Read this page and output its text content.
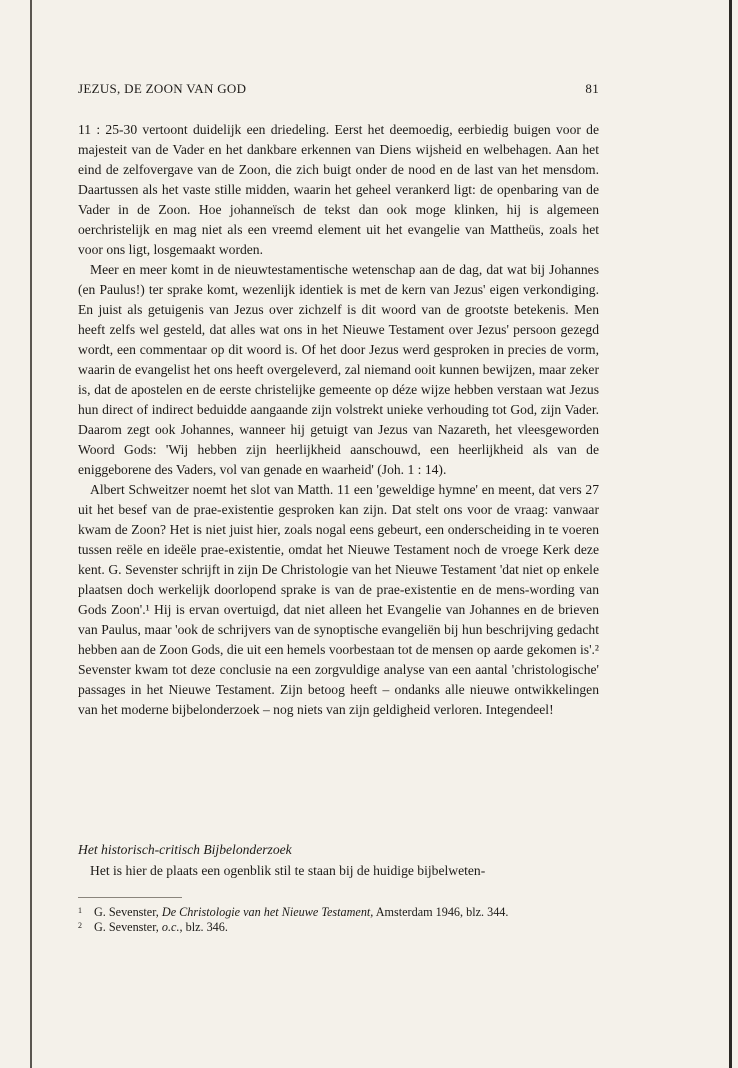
JEZUS, DE ZOON VAN GOD	81

11 : 25-30 vertoont duidelijk een driedeling. Eerst het deemoedig, eerbiedig buigen voor de majesteit van de Vader en het dankbare erkennen van Diens wijsheid en welbehagen. Aan het eind de zelfovergave van de Zoon, die zich buigt onder de nood en de last van het mensdom. Daartussen als het vaste stille midden, waarin het geheel verankerd ligt: de openbaring van de Vader in de Zoon. Hoe johanneïsch de tekst dan ook moge klinken, hij is algemeen oerchristelijk en mag niet als een vreemd element uit het evangelie van Mattheüs, zoals het voor ons ligt, losgemaakt worden.

Meer en meer komt in de nieuwtestamentische wetenschap aan de dag, dat wat bij Johannes (en Paulus!) ter sprake komt, wezenlijk identiek is met de kern van Jezus' eigen verkondiging. En juist als getuigenis van Jezus over zichzelf is dit woord van de grootste betekenis. Men heeft zelfs wel gesteld, dat alles wat ons in het Nieuwe Testament over Jezus' persoon gezegd wordt, een commentaar op dit woord is. Of het door Jezus werd gesproken in precies de vorm, waarin de evangelist het ons heeft overgeleverd, zal niemand ooit kunnen bewijzen, maar zeker is, dat de apostelen en de eerste christelijke gemeente op déze wijze hebben verstaan wat Jezus hun direct of indirect beduidde aangaande zijn volstrekt unieke verhouding tot God, zijn Vader. Daarom zegt ook Johannes, wanneer hij getuigt van Jezus van Nazareth, het vleesgeworden Woord Gods: 'Wij hebben zijn heerlijkheid aanschouwd, een heerlijkheid als van de eniggeborene des Vaders, vol van genade en waarheid' (Joh. 1 : 14).

Albert Schweitzer noemt het slot van Matth. 11 een 'geweldige hymne' en meent, dat vers 27 uit het besef van de prae-existentie gesproken kan zijn. Dat stelt ons voor de vraag: vanwaar kwam de Zoon? Het is niet juist hier, zoals nogal eens gebeurt, een onderscheiding in te voeren tussen reële en ideële prae-existentie, omdat het Nieuwe Testament noch de vroege Kerk deze kent. G. Sevenster schrijft in zijn De Christologie van het Nieuwe Testament 'dat niet op enkele plaatsen doch werkelijk doorlopend sprake is van de prae-existentie en de mens-wording van Gods Zoon'.¹ Hij is ervan overtuigd, dat niet alleen het Evangelie van Johannes en de brieven van Paulus, maar 'ook de schrijvers van de synoptische evangeliën bij hun beschrijving gedacht hebben aan de Zoon Gods, die uit een hemels voorbestaan tot de mensen op aarde gekomen is'.² Sevenster kwam tot deze conclusie na een zorgvuldige analyse van een aantal 'christologische' passages in het Nieuwe Testament. Zijn betoog heeft – ondanks alle nieuwe ontwikkelingen van het moderne bijbelonderzoek – nog niets van zijn geldigheid verloren. Integendeel!

Het historisch-critisch Bijbelonderzoek
Het is hier de plaats een ogenblik stil te staan bij de huidige bijbelweten-
1 G. Sevenster, De Christologie van het Nieuwe Testament, Amsterdam 1946, blz. 344.
2 G. Sevenster, o.c., blz. 346.
